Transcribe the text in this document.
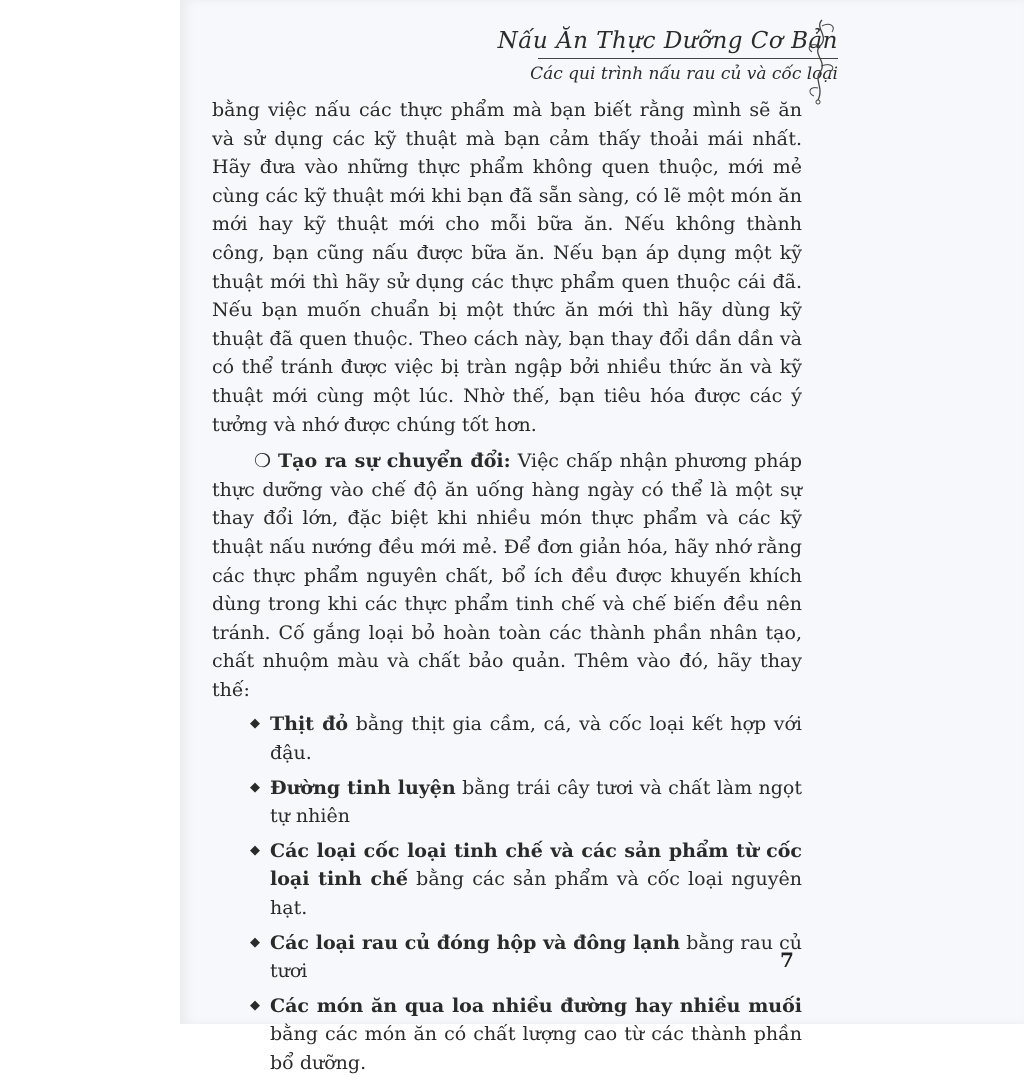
Nấu Ăn Thực Dưỡng Cơ Bản
Các qui trình nấu rau củ và cốc loại

bằng việc nấu các thực phẩm mà bạn biết rằng mình sẽ ăn và sử dụng các kỹ thuật mà bạn cảm thấy thoải mái nhất. Hãy đưa vào những thực phẩm không quen thuộc, mới mẻ cùng các kỹ thuật mới khi bạn đã sẵn sàng, có lẽ một món ăn mới hay kỹ thuật mới cho mỗi bữa ăn. Nếu không thành công, bạn cũng nấu được bữa ăn. Nếu bạn áp dụng một kỹ thuật mới thì hãy sử dụng các thực phẩm quen thuộc cái đã. Nếu bạn muốn chuẩn bị một thức ăn mới thì hãy dùng kỹ thuật đã quen thuộc. Theo cách này, bạn thay đổi dần dần và có thể tránh được việc bị tràn ngập bởi nhiều thức ăn và kỹ thuật mới cùng một lúc. Nhờ thế, bạn tiêu hóa được các ý tưởng và nhớ được chúng tốt hơn.

❍ Tạo ra sự chuyển đổi: Việc chấp nhận phương pháp thực dưỡng vào chế độ ăn uống hàng ngày có thể là một sự thay đổi lớn, đặc biệt khi nhiều món thực phẩm và các kỹ thuật nấu nướng đều mới mẻ. Để đơn giản hóa, hãy nhớ rằng các thực phẩm nguyên chất, bổ ích đều được khuyến khích dùng trong khi các thực phẩm tinh chế và chế biến đều nên tránh. Cố gắng loại bỏ hoàn toàn các thành phần nhân tạo, chất nhuộm màu và chất bảo quản. Thêm vào đó, hãy thay thế:

◆ Thịt đỏ bằng thịt gia cầm, cá, và cốc loại kết hợp với đậu.
◆ Đường tinh luyện bằng trái cây tươi và chất làm ngọt tự nhiên
◆ Các loại cốc loại tinh chế và các sản phẩm từ cốc loại tinh chế bằng các sản phẩm và cốc loại nguyên hạt.
◆ Các loại rau củ đóng hộp và đông lạnh bằng rau củ tươi
◆ Các món ăn qua loa nhiều đường hay nhiều muối bằng các món ăn có chất lượng cao từ các thành phần bổ dưỡng.
7
